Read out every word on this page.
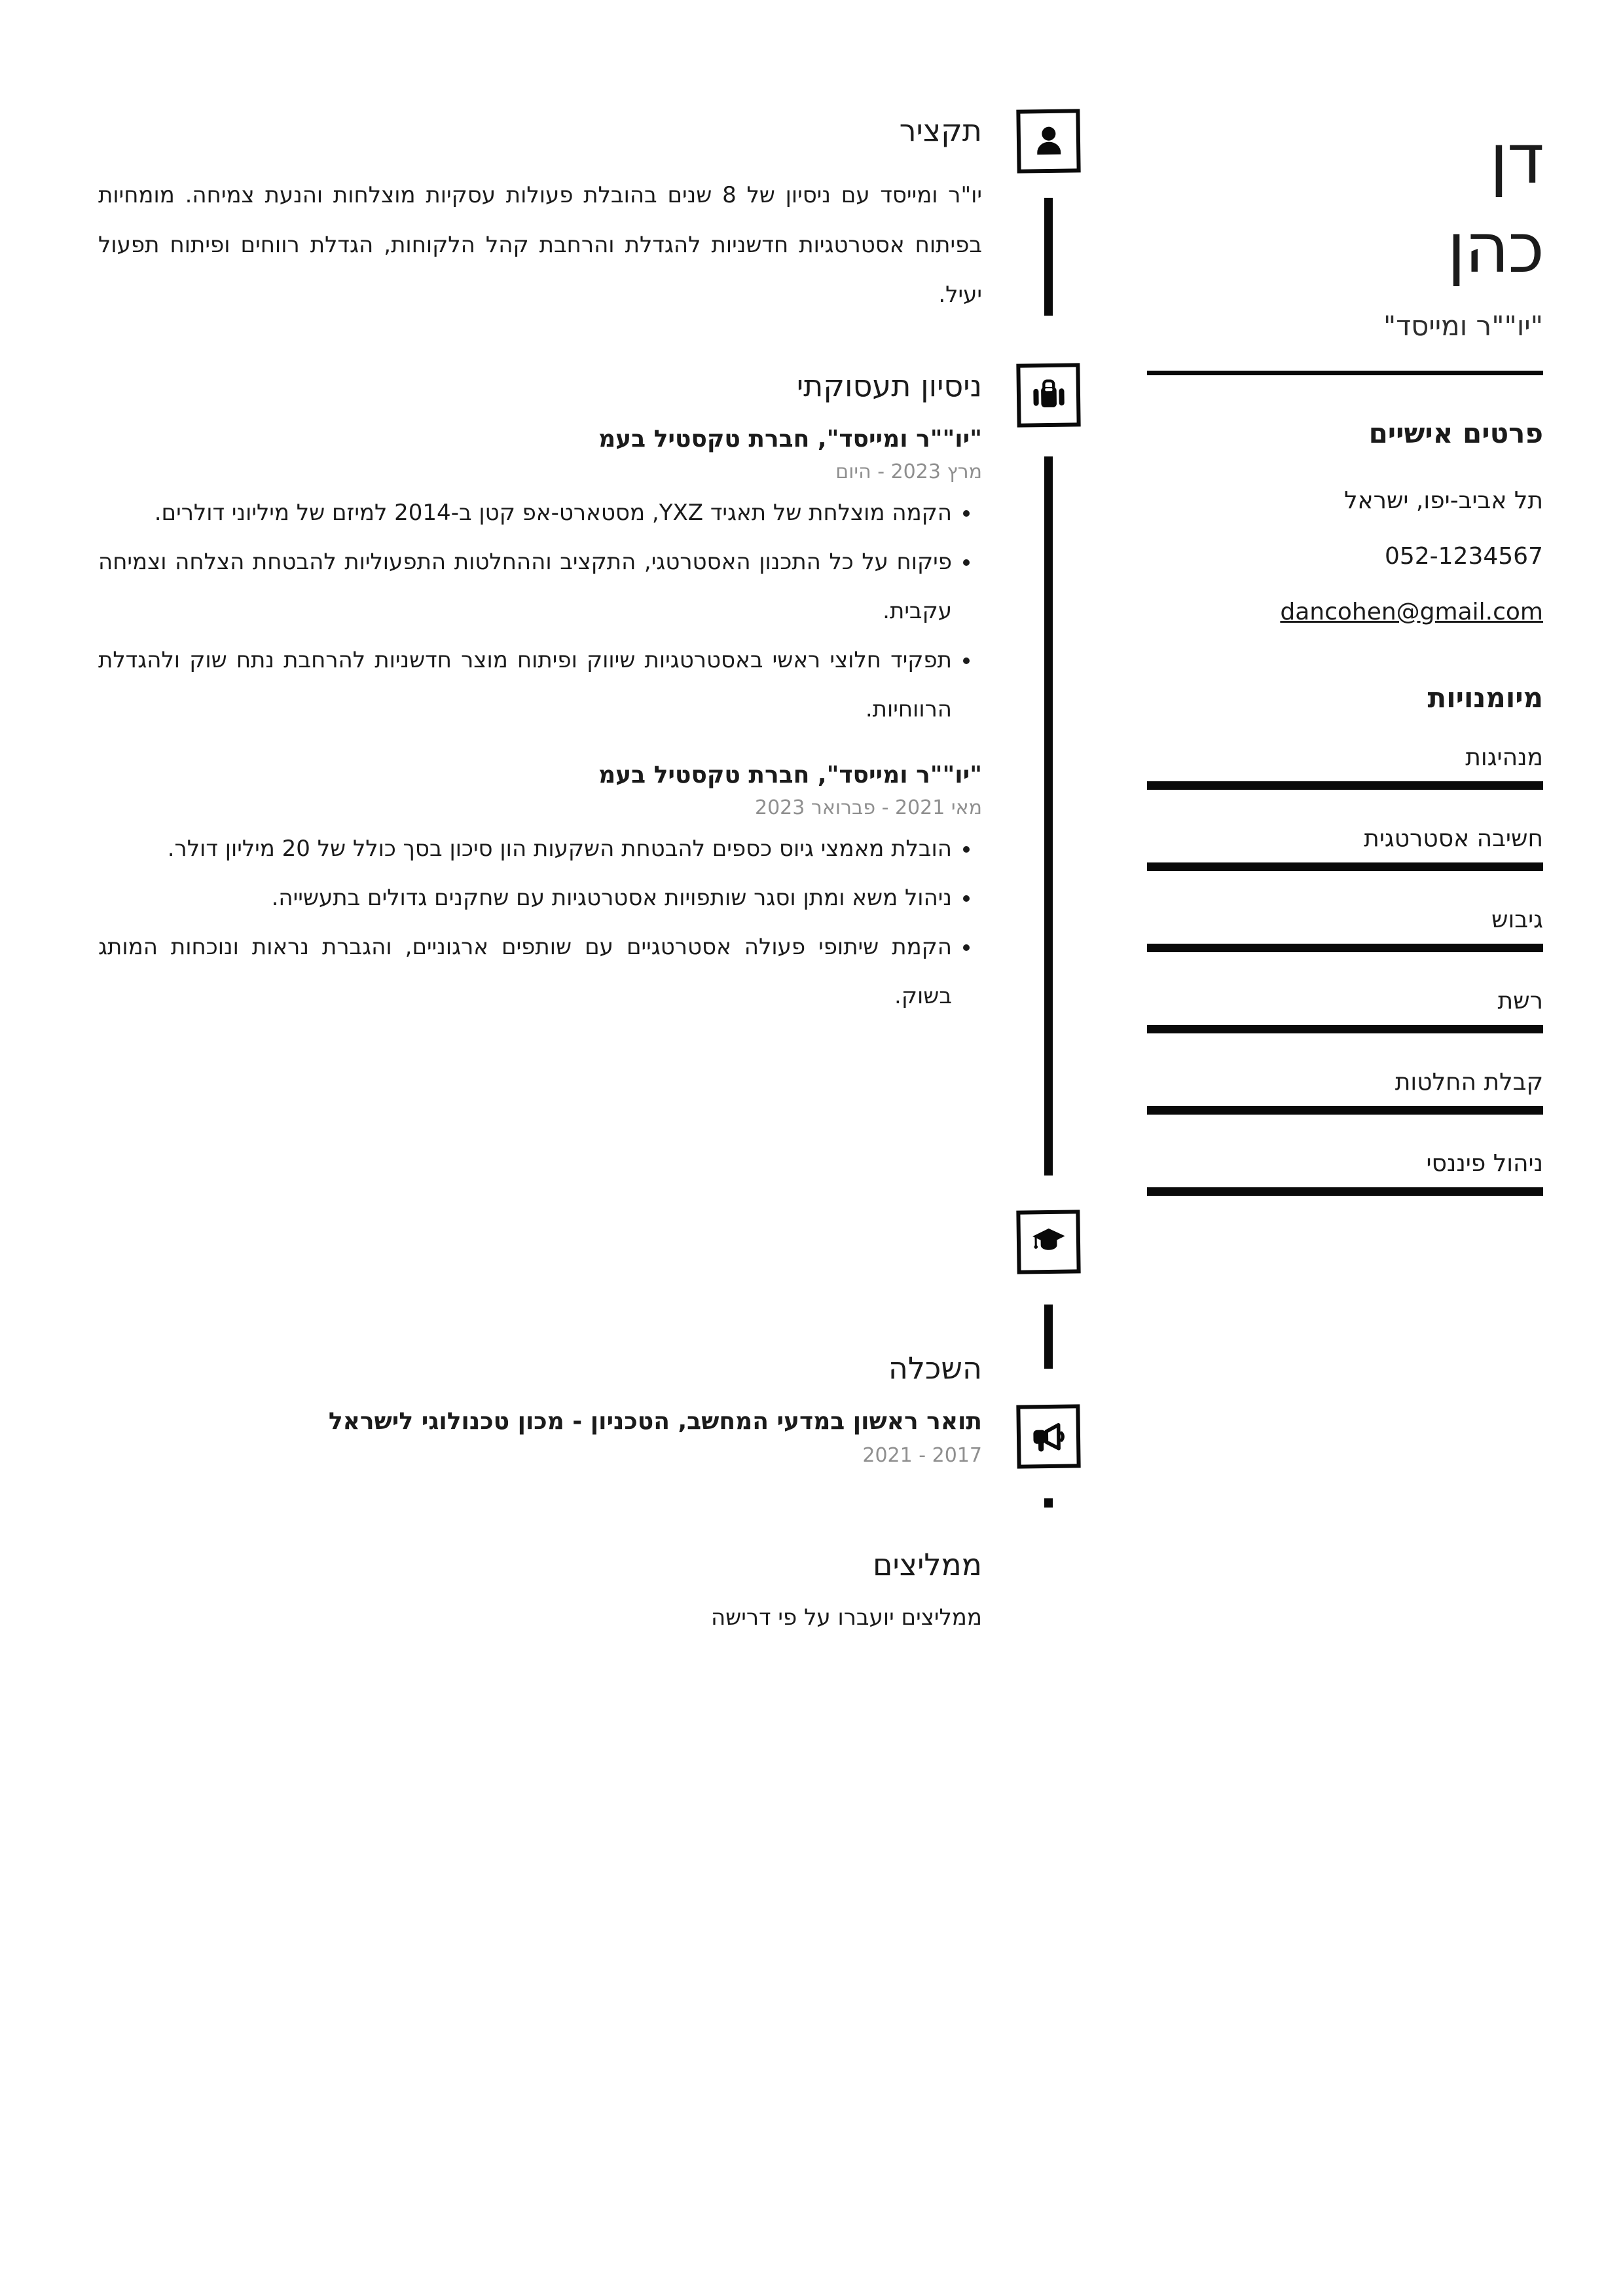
תקציר

יו"ר ומייסד עם ניסיון של 8 שנים בהובלת פעולות עסקיות מוצלחות והנעת צמיחה. מומחיות בפיתוח אסטרטגיות חדשניות להגדלת והרחבת קהל הלקוחות, הגדלת רווחים ופיתוח תפעול יעיל.

ניסיון תעסוקתי

"יו""ר ומייסד", חברת טקסטיל בעמ

מרץ 2023 - היום

• הקמה מוצלחת של תאגיד YXZ, מסטארט-אפ קטן ב-2014 למיזם של מיליוני דולרים.
• פיקוח על כל התכנון האסטרטגי, התקציב וההחלטות התפעוליות להבטחת הצלחה וצמיחה עקבית.
• תפקיד חלוצי ראשי באסטרטגיות שיווק ופיתוח מוצר חדשניות להרחבת נתח שוק ולהגדלת הרווחיות.

"יו""ר ומייסד", חברת טקסטיל בעמ

מאי 2021 - פברואר 2023

• הובלת מאמצי גיוס כספים להבטחת השקעות הון סיכון בסך כולל של 20 מיליון דולר.
• ניהול משא ומתן וסגר שותפויות אסטרטגיות עם שחקנים גדולים בתעשייה.
• הקמת שיתופי פעולה אסטרטגיים עם שותפים ארגוניים, והגברת נראות ונוכחות המותג בשוק.
השכלה

תואר ראשון במדעי המחשב, הטכניון - מכון טכנולוגי לישראל

2017 - 2021

ממליצים

ממליצים יועברו על פי דרישה

דן
כהן
"יו""ר ומייסד"
פרטים אישיים
תל אביב-יפו, ישראל
052-1234567
dancohen@gmail.com
מיומנויות
מנהיגות
חשיבה אסטרטגית
גיבוש
רשת
קבלת החלטות
ניהול פיננסי
